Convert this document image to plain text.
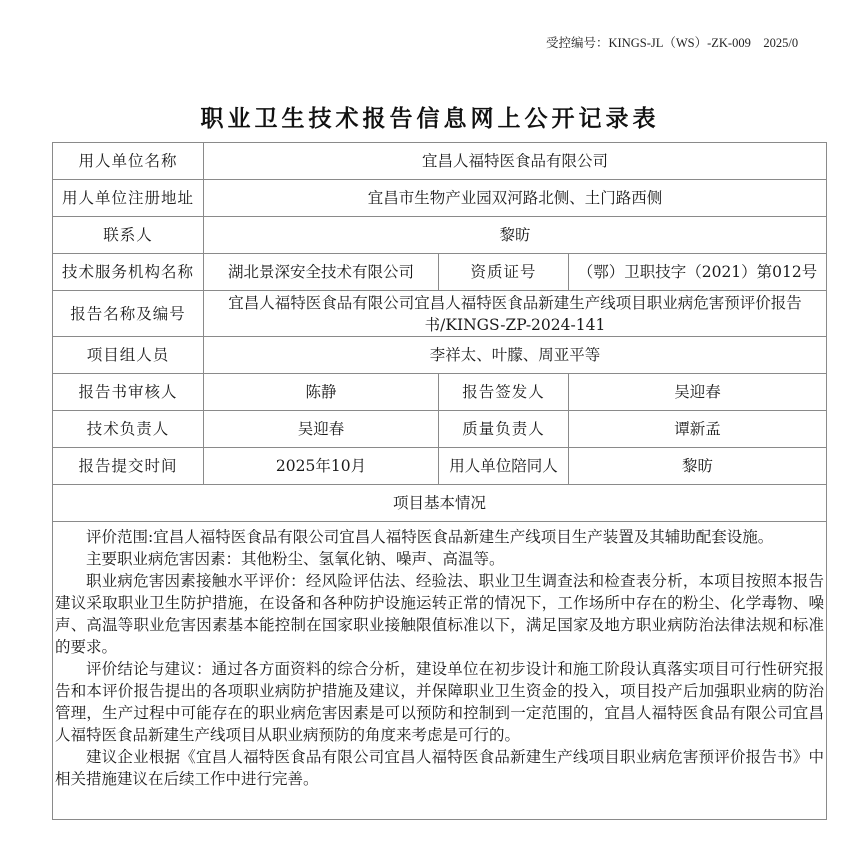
受控编号：KINGS-JL（WS）-ZK-009　2025/0
职业卫生技术报告信息网上公开记录表
用人单位名称	宜昌人福特医食品有限公司		
用人单位注册地址	宜昌市生物产业园双河路北侧、土门路西侧		
联系人	黎昉		
技术服务机构名称	湖北景深安全技术有限公司	资质证号	（鄂）卫职技字（2021）第012号
报告名称及编号	宜昌人福特医食品有限公司宜昌人福特医食品新建生产线项目职业病危害预评价报告书/KINGS-ZP-2024-141		
项目组人员	李祥太、叶朦、周亚平等		
报告书审核人	陈静	报告签发人	吴迎春
技术负责人	吴迎春	质量负责人	谭新孟
报告提交时间	2025年10月	用人单位陪同人	黎昉
项目基本情况			

评价范围:宜昌人福特医食品有限公司宜昌人福特医食品新建生产线项目生产装置及其辅助配套设施。

主要职业病危害因素：其他粉尘、氢氧化钠、噪声、高温等。

职业病危害因素接触水平评价：经风险评估法、经验法、职业卫生调查法和检查表分析，本项目按照本报告建议采取职业卫生防护措施，在设备和各种防护设施运转正常的情况下，工作场所中存在的粉尘、化学毒物、噪声、高温等职业危害因素基本能控制在国家职业接触限值标准以下，满足国家及地方职业病防治法律法规和标准的要求。

评价结论与建议：通过各方面资料的综合分析，建设单位在初步设计和施工阶段认真落实项目可行性研究报告和本评价报告提出的各项职业病防护措施及建议，并保障职业卫生资金的投入，项目投产后加强职业病的防治管理，生产过程中可能存在的职业病危害因素是可以预防和控制到一定范围的，宜昌人福特医食品有限公司宜昌人福特医食品新建生产线项目从职业病预防的角度来考虑是可行的。

建议企业根据《宜昌人福特医食品有限公司宜昌人福特医食品新建生产线项目职业病危害预评价报告书》中相关措施建议在后续工作中进行完善。			
